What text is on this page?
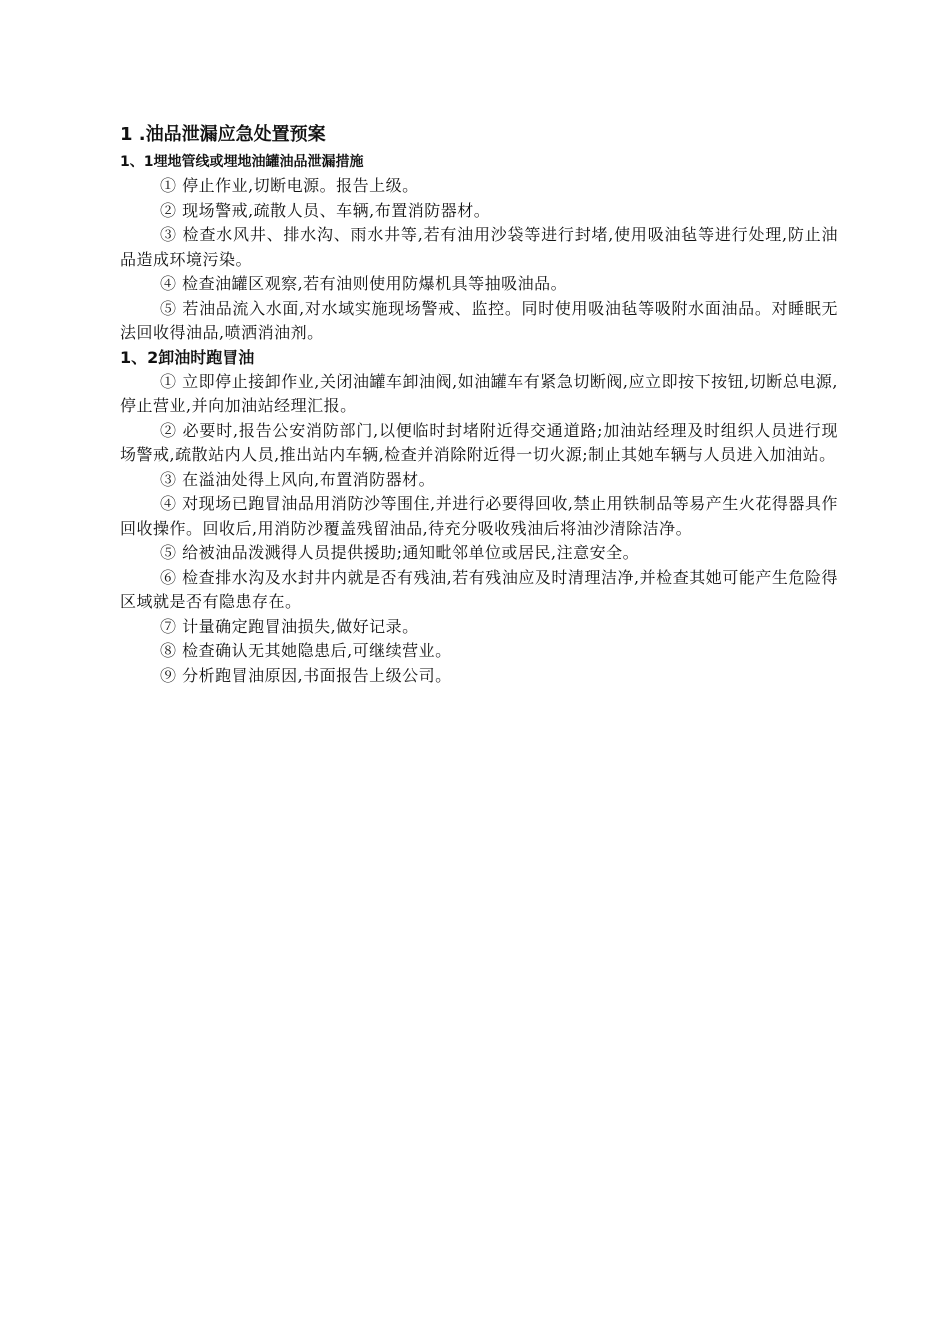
1 .油品泄漏应急处置预案
1、1埋地管线或埋地油罐油品泄漏措施

① 停止作业,切断电源。报告上级。

② 现场警戒,疏散人员、车辆,布置消防器材。

③ 检查水风井、排水沟、雨水井等,若有油用沙袋等进行封堵,使用吸油毡等进行处理,防止油品造成环境污染。

④ 检查油罐区观察,若有油则使用防爆机具等抽吸油品。

⑤ 若油品流入水面,对水域实施现场警戒、监控。同时使用吸油毡等吸附水面油品。对睡眠无法回收得油品,喷洒消油剂。

1、2卸油时跑冒油

① 立即停止接卸作业,关闭油罐车卸油阀,如油罐车有紧急切断阀,应立即按下按钮,切断总电源,停止营业,并向加油站经理汇报。

② 必要时,报告公安消防部门,以便临时封堵附近得交通道路;加油站经理及时组织人员进行现场警戒,疏散站内人员,推出站内车辆,检查并消除附近得一切火源;制止其她车辆与人员进入加油站。

③ 在溢油处得上风向,布置消防器材。

④ 对现场已跑冒油品用消防沙等围住,并进行必要得回收,禁止用铁制品等易产生火花得器具作回收操作。回收后,用消防沙覆盖残留油品,待充分吸收残油后将油沙清除洁净。

⑤ 给被油品泼溅得人员提供援助;通知毗邻单位或居民,注意安全。

⑥ 检查排水沟及水封井内就是否有残油,若有残油应及时清理洁净,并检查其她可能产生危险得区域就是否有隐患存在。

⑦ 计量确定跑冒油损失,做好记录。

⑧ 检查确认无其她隐患后,可继续营业。

⑨ 分析跑冒油原因,书面报告上级公司。
